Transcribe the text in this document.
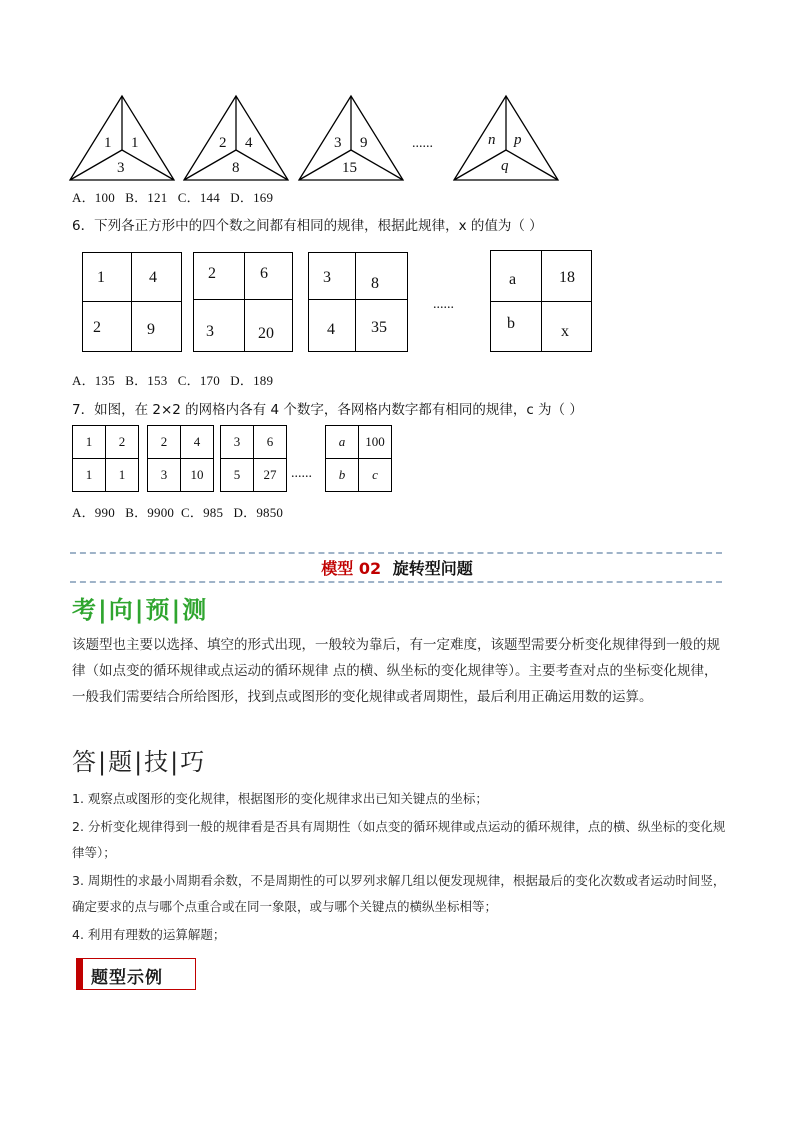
1 1
3
2 4
8
3 9
15
......	n p
q
A．100   B．121   C．144   D．169
6．下列各正方形中的四个数之间都有相同的规律，根据此规律，x 的值为（ ）
1	4
2	9
2	6
3	20
3	8
4 35
......
a	18
b	x
A．135   B．153   C．170   D．189
7．如图，在 2×2 的网格内各有 4 个数字，各网格内数字都有相同的规律，c 为（ ）
1	2
1	1
2	4
3	10
3	6
5	27 ......
a	100
b	c
A．990   B．9900  C．985   D．9850
模型 02 旋转型问题
考|向|预|测
该题型也主要以选择、填空的形式出现，一般较为靠后，有一定难度，该题型需要分析变化规律得到一般的规律（如点变的循环规律或点运动的循环规律 点的横、纵坐标的变化规律等）。主要考查对点的坐标变化规律，一般我们需要结合所给图形，找到点或图形的变化规律或者周期性，最后利用正确运用数的运算。
答|题|技|巧
1. 观察点或图形的变化规律，根据图形的变化规律求出已知关键点的坐标；
2. 分析变化规律得到一般的规律看是否具有周期性（如点变的循环规律或点运动的循环规律，点的横、纵坐标的变化规律等）；
3. 周期性的求最小周期看余数，不是周期性的可以罗列求解几组以便发现规律，根据最后的变化次数或者运动时间竖，确定要求的点与哪个点重合或在同一象限，或与哪个关键点的横纵坐标相等；
4. 利用有理数的运算解题；
题型示例
